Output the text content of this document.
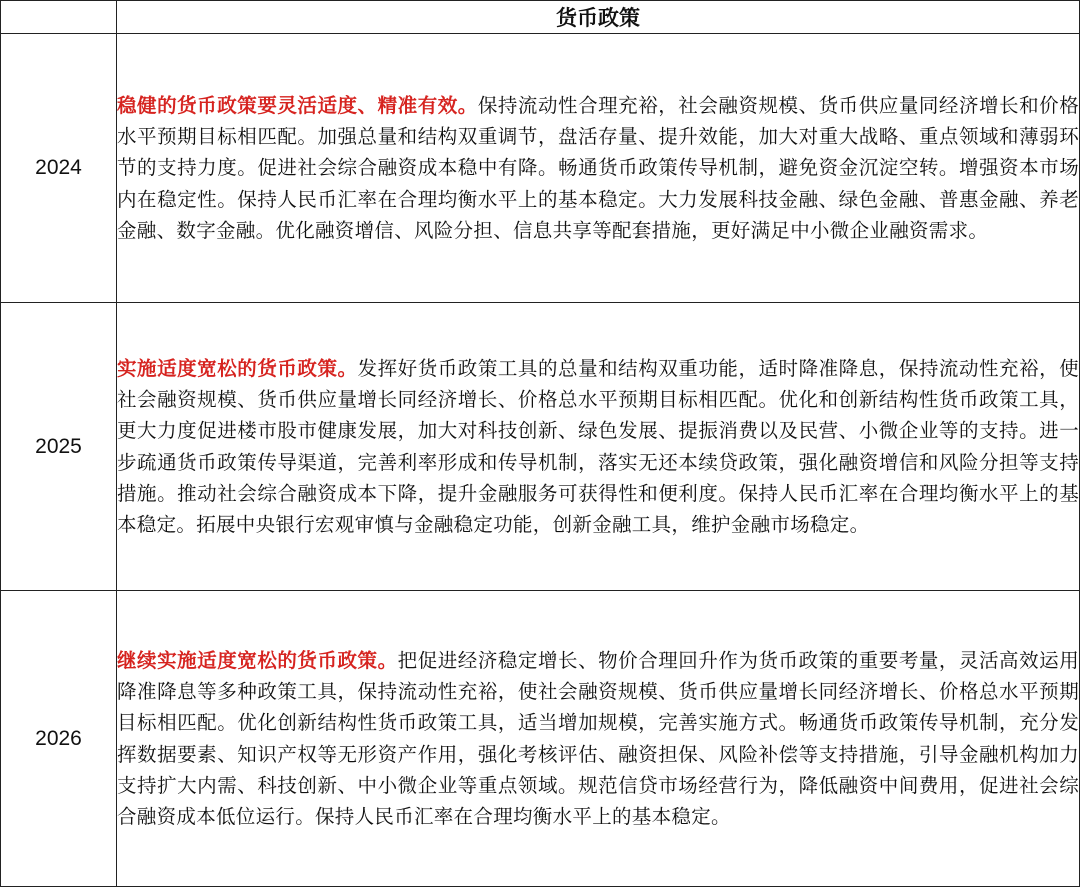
	货币政策
2024	稳健的货币政策要灵活适度、精准有效。保持流动性合理充裕，社会融资规模、货币供应量同经济增长和价格水平预期目标相匹配。加强总量和结构双重调节，盘活存量、提升效能，加大对重大战略、重点领域和薄弱环节的支持力度。促进社会综合融资成本稳中有降。畅通货币政策传导机制，避免资金沉淀空转。增强资本市场内在稳定性。保持人民币汇率在合理均衡水平上的基本稳定。大力发展科技金融、绿色金融、普惠金融、养老金融、数字金融。优化融资增信、风险分担、信息共享等配套措施，更好满足中小微企业融资需求。
2025	实施适度宽松的货币政策。发挥好货币政策工具的总量和结构双重功能，适时降准降息，保持流动性充裕，使社会融资规模、货币供应量增长同经济增长、价格总水平预期目标相匹配。优化和创新结构性货币政策工具，更大力度促进楼市股市健康发展，加大对科技创新、绿色发展、提振消费以及民营、小微企业等的支持。进一步疏通货币政策传导渠道，完善利率形成和传导机制，落实无还本续贷政策，强化融资增信和风险分担等支持措施。推动社会综合融资成本下降，提升金融服务可获得性和便利度。保持人民币汇率在合理均衡水平上的基本稳定。拓展中央银行宏观审慎与金融稳定功能，创新金融工具，维护金融市场稳定。
2026	继续实施适度宽松的货币政策。把促进经济稳定增长、物价合理回升作为货币政策的重要考量，灵活高效运用降准降息等多种政策工具，保持流动性充裕，使社会融资规模、货币供应量增长同经济增长、价格总水平预期目标相匹配。优化创新结构性货币政策工具，适当增加规模，完善实施方式。畅通货币政策传导机制，充分发挥数据要素、知识产权等无形资产作用，强化考核评估、融资担保、风险补偿等支持措施，引导金融机构加力支持扩大内需、科技创新、中小微企业等重点领域。规范信贷市场经营行为，降低融资中间费用，促进社会综合融资成本低位运行。保持人民币汇率在合理均衡水平上的基本稳定。
